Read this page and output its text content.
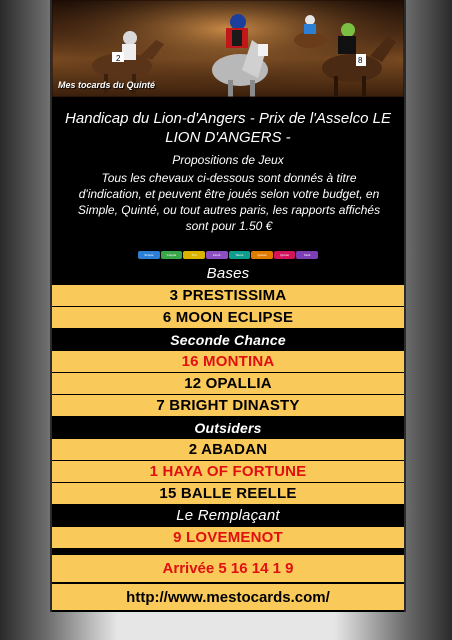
2	8
Mes tocards du Quinté
Handicap du Lion-d'Angers - Prix de l'Asselco LE LION D'ANGERS -
Propositions de Jeux
Tous les chevaux ci-dessous sont donnés à titre d'indication, et peuvent être joués selon votre budget, en Simple, Quinté, ou tout autres paris, les rapports affichés sont pour 1.50 €
Simple	Couplé	Trio	2sur4	Tiercé	Quarté	Quinté	Multi
Bases
3 PRESTISSIMA
6 MOON ECLIPSE
Seconde Chance
16 MONTINA
12 OPALLIA
7 BRIGHT DINASTY
Outsiders
2 ABADAN
1 HAYA OF FORTUNE
15 BALLE REELLE
Le Remplaçant
9 LOVEMENOT
Arrivée 5 16 14 1 9
http://www.mestocards.com/
